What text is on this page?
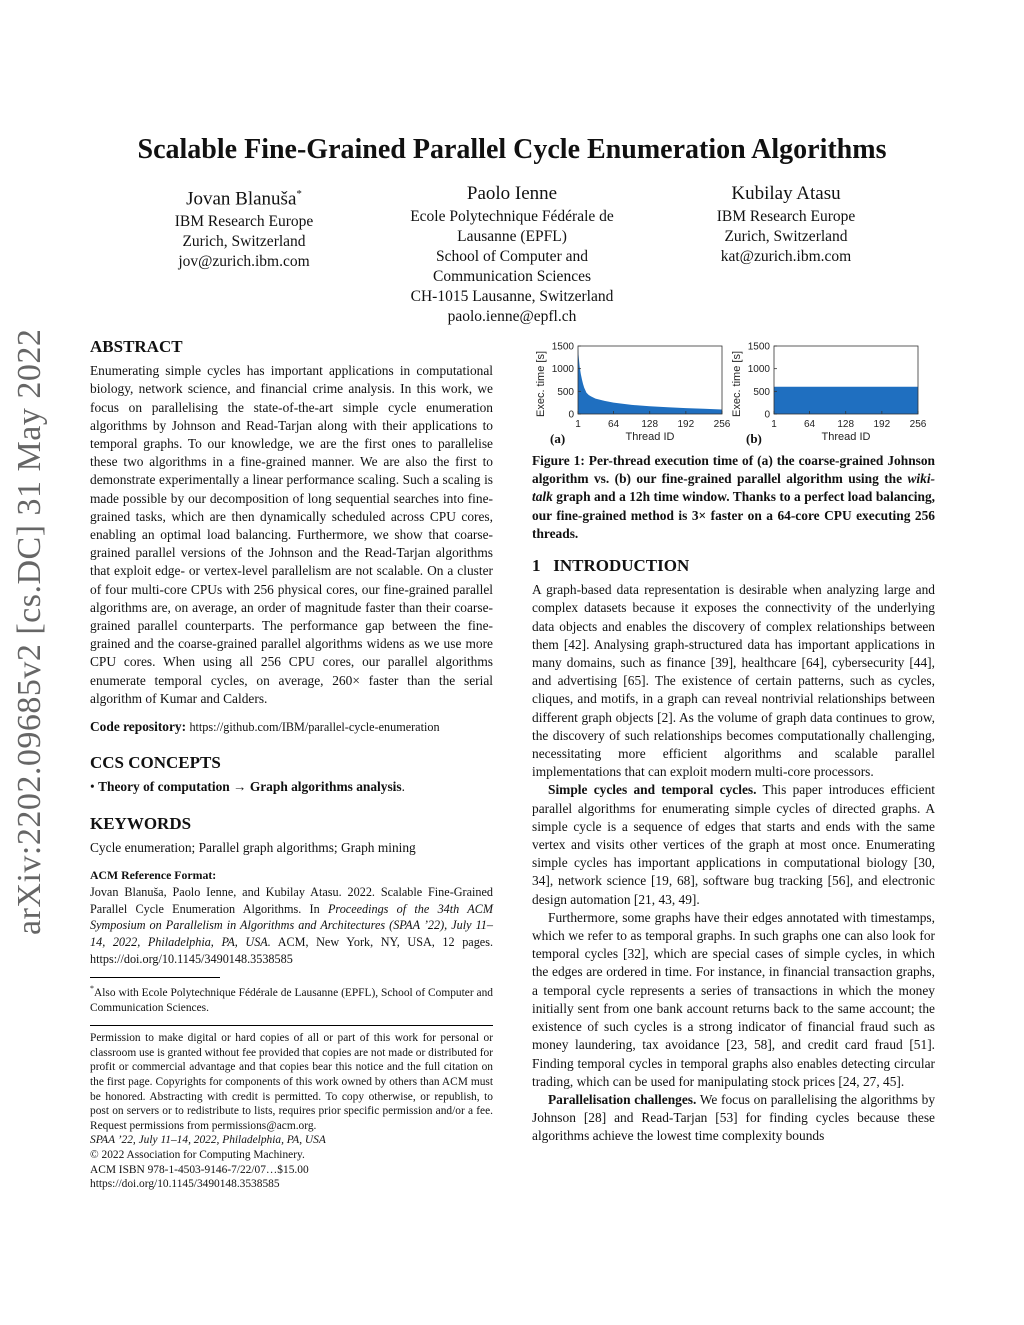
arXiv:2202.09685v2 [cs.DC] 31 May 2022
Scalable Fine-Grained Parallel Cycle Enumeration Algorithms
Jovan Blanuša*
IBM Research Europe
Zurich, Switzerland
jov@zurich.ibm.com
Paolo Ienne
Ecole Polytechnique Fédérale de
Lausanne (EPFL)
School of Computer and
Communication Sciences
CH-1015 Lausanne, Switzerland
paolo.ienne@epfl.ch
Kubilay Atasu
IBM Research Europe
Zurich, Switzerland
kat@zurich.ibm.com
ABSTRACT

Enumerating simple cycles has important applications in computational biology, network science, and financial crime analysis. In this work, we focus on parallelising the state-of-the-art simple cycle enumeration algorithms by Johnson and Read-Tarjan along with their applications to temporal graphs. To our knowledge, we are the first ones to parallelise these two algorithms in a fine-grained manner. We are also the first to demonstrate experimentally a linear performance scaling. Such a scaling is made possible by our decomposition of long sequential searches into fine-grained tasks, which are then dynamically scheduled across CPU cores, enabling an optimal load balancing. Furthermore, we show that coarse-grained parallel versions of the Johnson and the Read-Tarjan algorithms that exploit edge- or vertex-level parallelism are not scalable. On a cluster of four multi-core CPUs with 256 physical cores, our fine-grained parallel algorithms are, on average, an order of magnitude faster than their coarse-grained parallel counterparts. The performance gap between the fine-grained and the coarse-grained parallel algorithms widens as we use more CPU cores. When using all 256 CPU cores, our parallel algorithms enumerate temporal cycles, on average, 260× faster than the serial algorithm of Kumar and Calders.

Code repository: https://github.com/IBM/parallel-cycle-enumeration
CCS CONCEPTS
• Theory of computation → Graph algorithms analysis.
KEYWORDS

Cycle enumeration; Parallel graph algorithms; Graph mining

ACM Reference Format:

Jovan Blanuša, Paolo Ienne, and Kubilay Atasu. 2022. Scalable Fine-Grained Parallel Cycle Enumeration Algorithms. In Proceedings of the 34th ACM Symposium on Parallelism in Algorithms and Architectures (SPAA ’22), July 11–14, 2022, Philadelphia, PA, USA. ACM, New York, NY, USA, 12 pages. https://doi.org/10.1145/3490148.3538585

*Also with Ecole Polytechnique Fédérale de Lausanne (EPFL), School of Computer and Communication Sciences.

Permission to make digital or hard copies of all or part of this work for personal or classroom use is granted without fee provided that copies are not made or distributed for profit or commercial advantage and that copies bear this notice and the full citation on the first page. Copyrights for components of this work owned by others than ACM must be honored. Abstracting with credit is permitted. To copy otherwise, or republish, to post on servers or to redistribute to lists, requires prior specific permission and/or a fee. Request permissions from permissions@acm.org.

SPAA ’22, July 11–14, 2022, Philadelphia, PA, USA
© 2022 Association for Computing Machinery.
ACM ISBN 978-1-4503-9146-7/22/07…$15.00
https://doi.org/10.1145/3490148.3538585
0
500
1000
1500
1	64 128 192 256
Thread ID
Exec. time [s]
(a)
0
500
1000
1500
1	64 128 192 256
Thread ID
Exec. time [s]
(b)

Figure 1: Per-thread execution time of (a) the coarse-grained Johnson algorithm vs. (b) our fine-grained parallel algorithm using the wiki-talk graph and a 12h time window. Thanks to a perfect load balancing, our fine-grained method is 3× faster on a 64-core CPU executing 256 threads.

1 INTRODUCTION

A graph-based data representation is desirable when analyzing large and complex datasets because it exposes the connectivity of the underlying data objects and enables the discovery of complex relationships between them [42]. Analysing graph-structured data has important applications in many domains, such as finance [39], healthcare [64], cybersecurity [44], and advertising [65]. The existence of certain patterns, such as cycles, cliques, and motifs, in a graph can reveal nontrivial relationships between different graph objects [2]. As the volume of graph data continues to grow, the discovery of such relationships becomes computationally challenging, necessitating more efficient algorithms and scalable parallel implementations that can exploit modern multi-core processors.

Simple cycles and temporal cycles. This paper introduces efficient parallel algorithms for enumerating simple cycles of directed graphs. A simple cycle is a sequence of edges that starts and ends with the same vertex and visits other vertices of the graph at most once. Enumerating simple cycles has important applications in computational biology [30, 34], network science [19, 68], software bug tracking [56], and electronic design automation [21, 43, 49].

Furthermore, some graphs have their edges annotated with timestamps, which we refer to as temporal graphs. In such graphs one can also look for temporal cycles [32], which are special cases of simple cycles, in which the edges are ordered in time. For instance, in financial transaction graphs, a temporal cycle represents a series of transactions in which the money initially sent from one bank account returns back to the same account; the existence of such cycles is a strong indicator of financial fraud such as money laundering, tax avoidance [23, 58], and credit card fraud [51]. Finding temporal cycles in temporal graphs also enables detecting circular trading, which can be used for manipulating stock prices [24, 27, 45].

Parallelisation challenges. We focus on parallelising the algorithms by Johnson [28] and Read-Tarjan [53] for finding cycles because these algorithms achieve the lowest time complexity bounds
